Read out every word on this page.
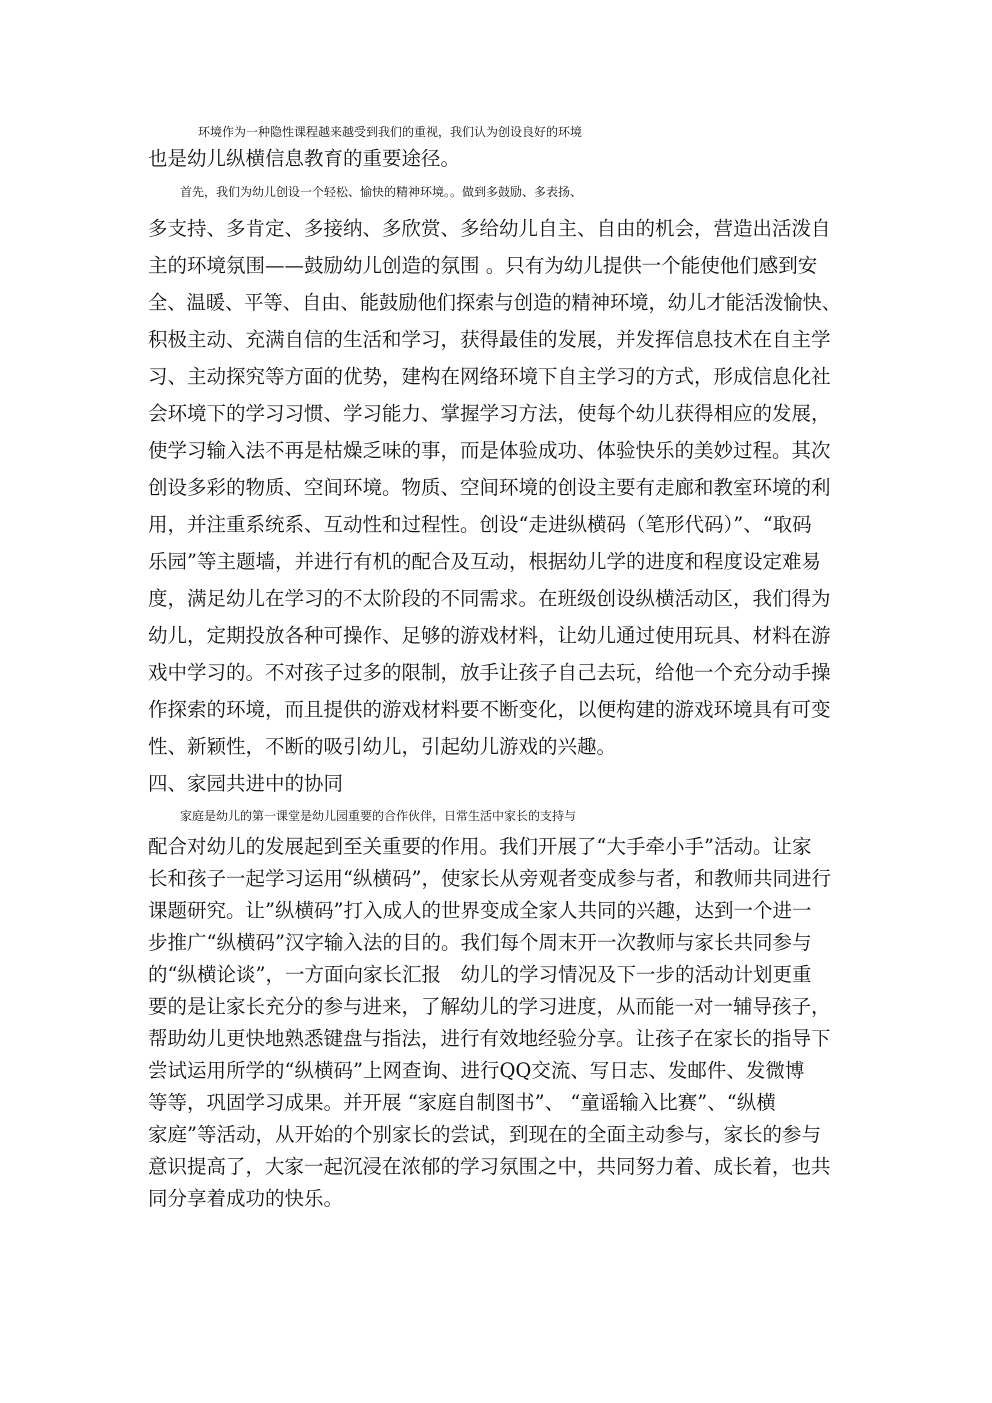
　环境作为一种隐性课程越来越受到我们的重视，我们认为创设良好的环境
也是幼儿纵横信息教育的重要途径。
　首先，我们为幼儿创设一个轻松、愉快的精神环境。。做到多鼓励、多表扬、
多支持、多肯定、多接纳、多欣赏、多给幼儿自主、自由的机会，营造出活泼自
主的环境氛围——鼓励幼儿创造的氛围 。只有为幼儿提供一个能使他们感到安
全、温暖、平等、自由、能鼓励他们探索与创造的精神环境，幼儿才能活泼愉快、
积极主动、充满自信的生活和学习，获得最佳的发展，并发挥信息技术在自主学
习、主动探究等方面的优势，建构在网络环境下自主学习的方式，形成信息化社
会环境下的学习习惯、学习能力、掌握学习方法，使每个幼儿获得相应的发展，
使学习输入法不再是枯燥乏味的事，而是体验成功、体验快乐的美妙过程。其次
创设多彩的物质、空间环境。物质、空间环境的创设主要有走廊和教室环境的利
用，并注重系统系、互动性和过程性。创设“走进纵横码（笔形代码）”、“取码
乐园”等主题墙，并进行有机的配合及互动，根据幼儿学的进度和程度设定难易
度，满足幼儿在学习的不太阶段的不同需求。在班级创设纵横活动区，我们得为
幼儿，定期投放各种可操作、足够的游戏材料，让幼儿通过使用玩具、材料在游
戏中学习的。不对孩子过多的限制，放手让孩子自己去玩，给他一个充分动手操
作探索的环境，而且提供的游戏材料要不断变化，以便构建的游戏环境具有可变
性、新颖性，不断的吸引幼儿，引起幼儿游戏的兴趣。
四、家园共进中的协同
　家庭是幼儿的第一课堂是幼儿园重要的合作伙伴，日常生活中家长的支持与
配合对幼儿的发展起到至关重要的作用。我们开展了“大手牵小手”活动。让家
长和孩子一起学习运用“纵横码”，使家长从旁观者变成参与者，和教师共同进行
课题研究。让”纵横码”打入成人的世界变成全家人共同的兴趣，达到一个进一
步推广“纵横码”汉字输入法的目的。我们每个周末开一次教师与家长共同参与
的“纵横论谈”，一方面向家长汇报　幼儿的学习情况及下一步的活动计划更重
要的是让家长充分的参与进来，了解幼儿的学习进度，从而能一对一辅导孩子，
帮助幼儿更快地熟悉键盘与指法，进行有效地经验分享。让孩子在家长的指导下
尝试运用所学的“纵横码”上网查询、进行QQ交流、写日志、发邮件、发微博
等等，巩固学习成果。并开展 “家庭自制图书”、 “童谣输入比赛”、“纵横
家庭”等活动，从开始的个别家长的尝试，到现在的全面主动参与，家长的参与
意识提高了，大家一起沉浸在浓郁的学习氛围之中，共同努力着、成长着，也共
同分享着成功的快乐。
